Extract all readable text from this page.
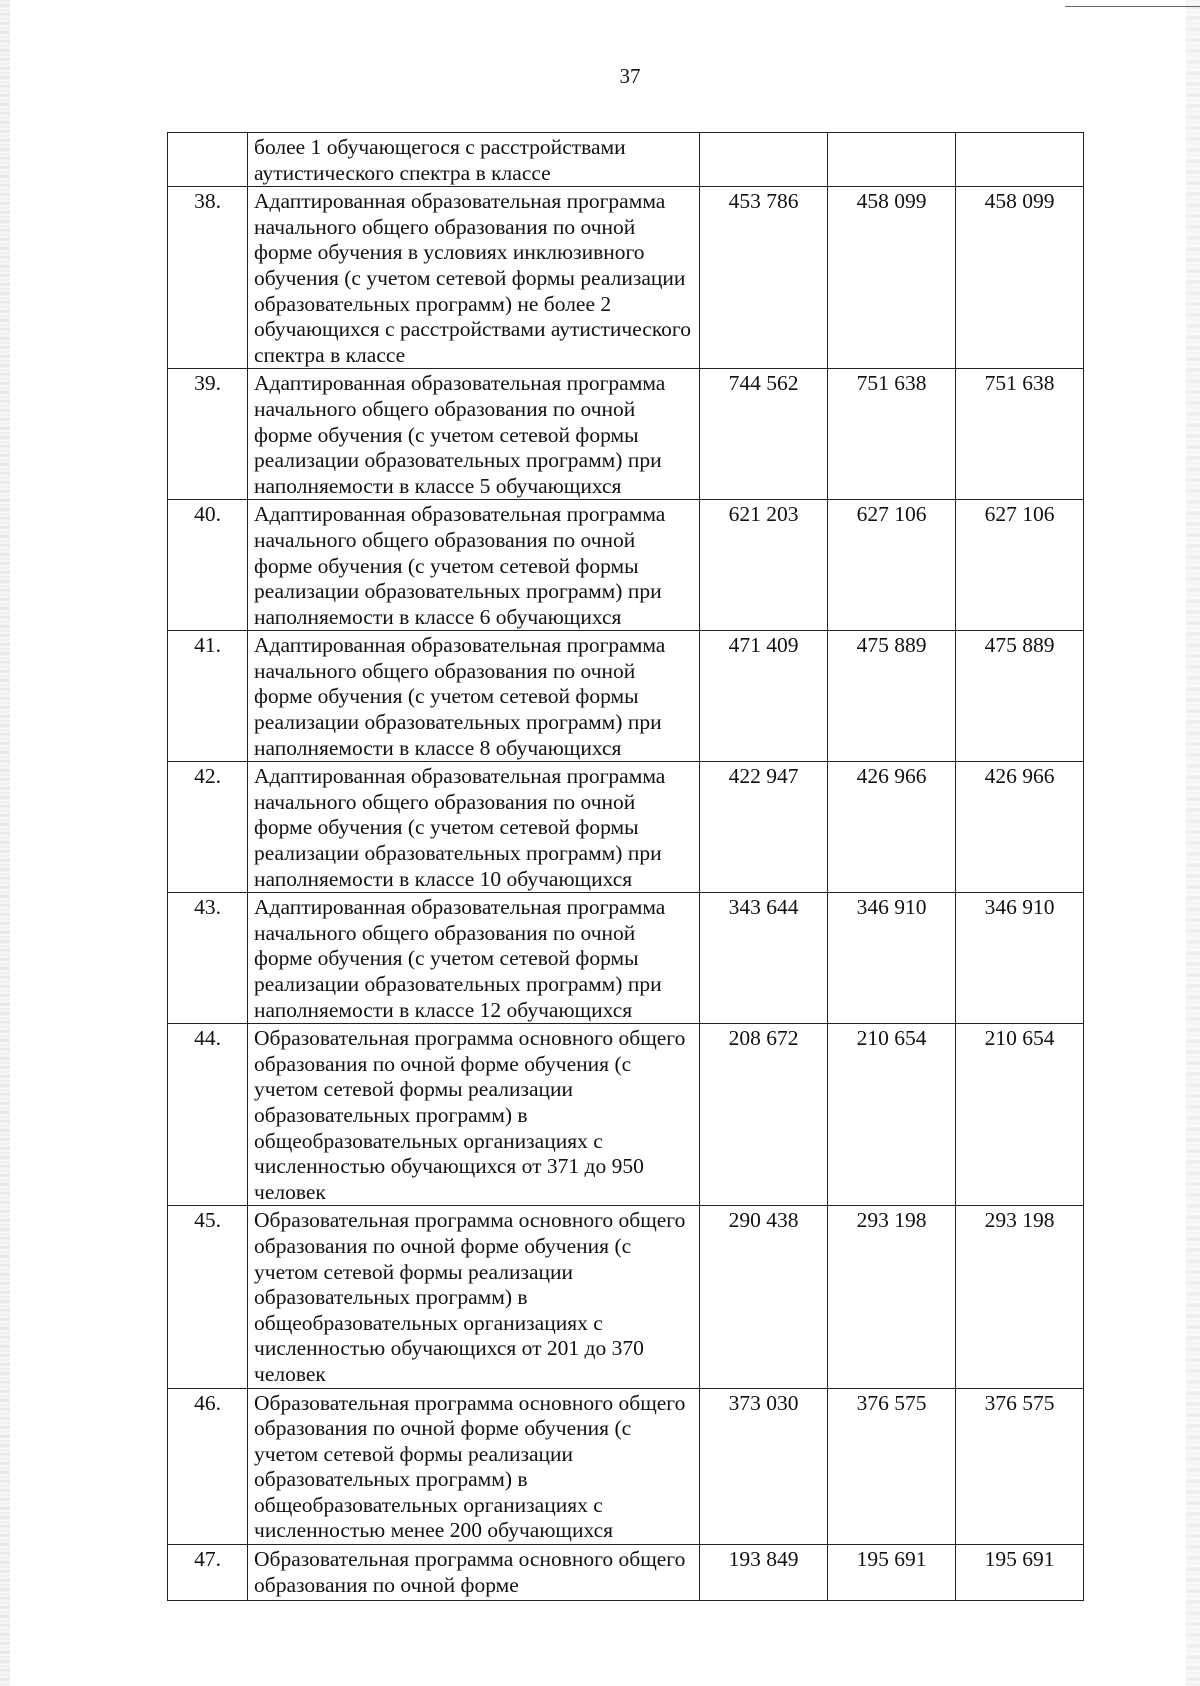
37
	более 1 обучающегося с расстройствами аутистического спектра в классе			
38.	Адаптированная образовательная программа начального общего образования по очной форме обучения в условиях инклюзивного обучения (с учетом сетевой формы реализации образовательных программ) не более 2 обучающихся с расстройствами аутистического спектра в классе	453 786	458 099	458 099
39.	Адаптированная образовательная программа начального общего образования по очной форме обучения (с учетом сетевой формы реализации образовательных программ) при наполняемости в классе 5 обучающихся	744 562	751 638	751 638
40.	Адаптированная образовательная программа начального общего образования по очной форме обучения (с учетом сетевой формы реализации образовательных программ) при наполняемости в классе 6 обучающихся	621 203	627 106	627 106
41.	Адаптированная образовательная программа начального общего образования по очной форме обучения (с учетом сетевой формы реализации образовательных программ) при наполняемости в классе 8 обучающихся	471 409	475 889	475 889
42.	Адаптированная образовательная программа начального общего образования по очной форме обучения (с учетом сетевой формы реализации образовательных программ) при наполняемости в классе 10 обучающихся	422 947	426 966	426 966
43.	Адаптированная образовательная программа начального общего образования по очной форме обучения (с учетом сетевой формы реализации образовательных программ) при наполняемости в классе 12 обучающихся	343 644	346 910	346 910
44.	Образовательная программа основного общего образования по очной форме обучения (с учетом сетевой формы реализации образовательных программ) в общеобразовательных организациях с численностью обучающихся от 371 до 950 человек	208 672	210 654	210 654
45.	Образовательная программа основного общего образования по очной форме обучения (с учетом сетевой формы реализации образовательных программ) в общеобразовательных организациях с численностью обучающихся от 201 до 370 человек	290 438	293 198	293 198
46.	Образовательная программа основного общего образования по очной форме обучения (с учетом сетевой формы реализации образовательных программ) в общеобразовательных организациях с численностью менее 200 обучающихся	373 030	376 575	376 575
47.	Образовательная программа основного общего образования по очной форме	193 849	195 691	195 691
